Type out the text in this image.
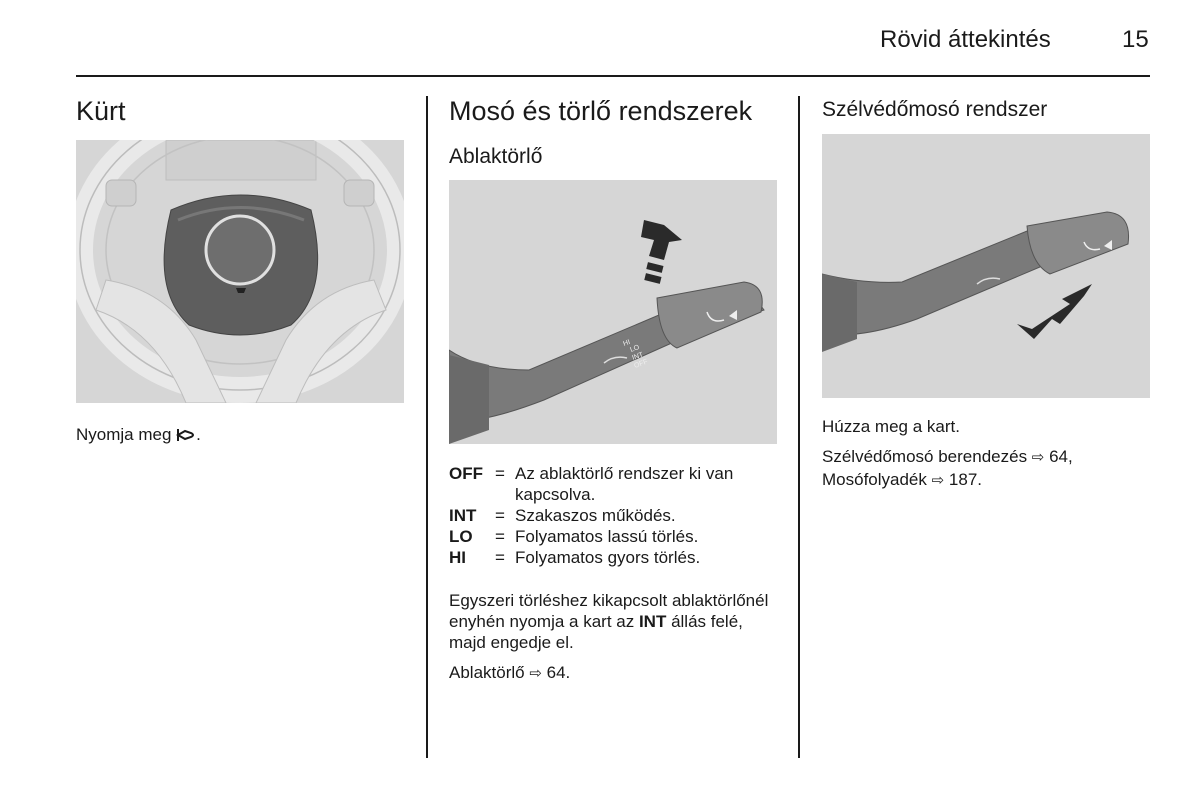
Rövid áttekintés	15
Kürt
Nyomja meg .
Mosó és törlő rendszerek
Ablaktörlő
HI
LO
INT
OFF
OFF = Az ablaktörlő rendszer ki van kapcsolva.
INT	= Szakaszos működés.
LO	= Folyamatos lassú törlés.
HI	= Folyamatos gyors törlés.
Egyszeri törléshez kikapcsolt ablaktörlőnél enyhén nyomja a kart az INT állás felé, majd engedje el.
Ablaktörlő ⇨ 64.
Szélvédőmosó rendszer
Húzza meg a kart.
Szélvédőmosó berendezés ⇨ 64,
Mosófolyadék ⇨ 187.
